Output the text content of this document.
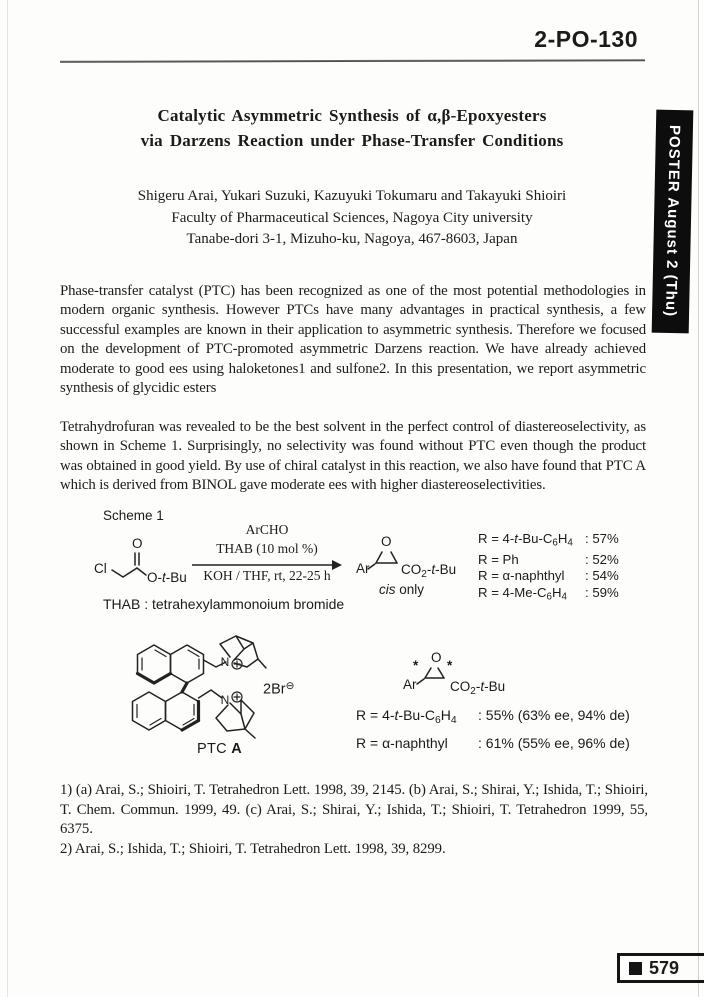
2-PO-130
POSTER August 2 (Thu)
Catalytic Asymmetric Synthesis of α,β-Epoxyesters
via Darzens Reaction under Phase-Transfer Conditions
Shigeru Arai, Yukari Suzuki, Kazuyuki Tokumaru and Takayuki Shioiri
Faculty of Pharmaceutical Sciences, Nagoya City university
Tanabe-dori 3-1, Mizuho-ku, Nagoya, 467-8603, Japan
Phase-transfer catalyst (PTC) has been recognized as one of the most potential methodologies in modern organic synthesis. However PTCs have many advantages in practical synthesis, a few successful examples are known in their application to asymmetric synthesis. Therefore we focused on the development of PTC-promoted asymmetric Darzens reaction. We have already achieved moderate to good ees using haloketones1 and sulfone2. In this presentation, we report asymmetric synthesis of glycidic esters
Tetrahydrofuran was revealed to be the best solvent in the perfect control of diastereoselectivity, as shown in Scheme 1. Surprisingly, no selectivity was found without PTC even though the product was obtained in good yield. By use of chiral catalyst in this reaction, we also have found that PTC A which is derived from BINOL gave moderate ees with higher diastereoselectivities.
Scheme 1
Cl
O
O-t-Bu
ArCHO
THAB (10 mol %)
KOH / THF, rt, 22-25 h
O
Ar $CO_2-t-Bu$
cis only
$R = 4-t-Bu-C_6H_4$ : 57%
R = Ph	: 52%
R = α-naphthyl	: 54%
$R = 4-Me-C_6H_4$	: 59%
THAB : tetrahexylammonoium bromide
N
N
2Br⊖
PTC A
O
* *
Ar $CO_2-t-Bu$
$R = 4-t-Bu-C_6H_4$	: 55% (63% ee, 94% de)
R = α-naphthyl	: 61% (55% ee, 96% de)
1) (a) Arai, S.; Shioiri, T. Tetrahedron Lett. 1998, 39, 2145. (b) Arai, S.; Shirai, Y.; Ishida, T.; Shioiri, T. Chem. Commun. 1999, 49. (c) Arai, S.; Shirai, Y.; Ishida, T.; Shioiri, T. Tetrahedron 1999, 55, 6375.
2) Arai, S.; Ishida, T.; Shioiri, T. Tetrahedron Lett. 1998, 39, 8299.
579
